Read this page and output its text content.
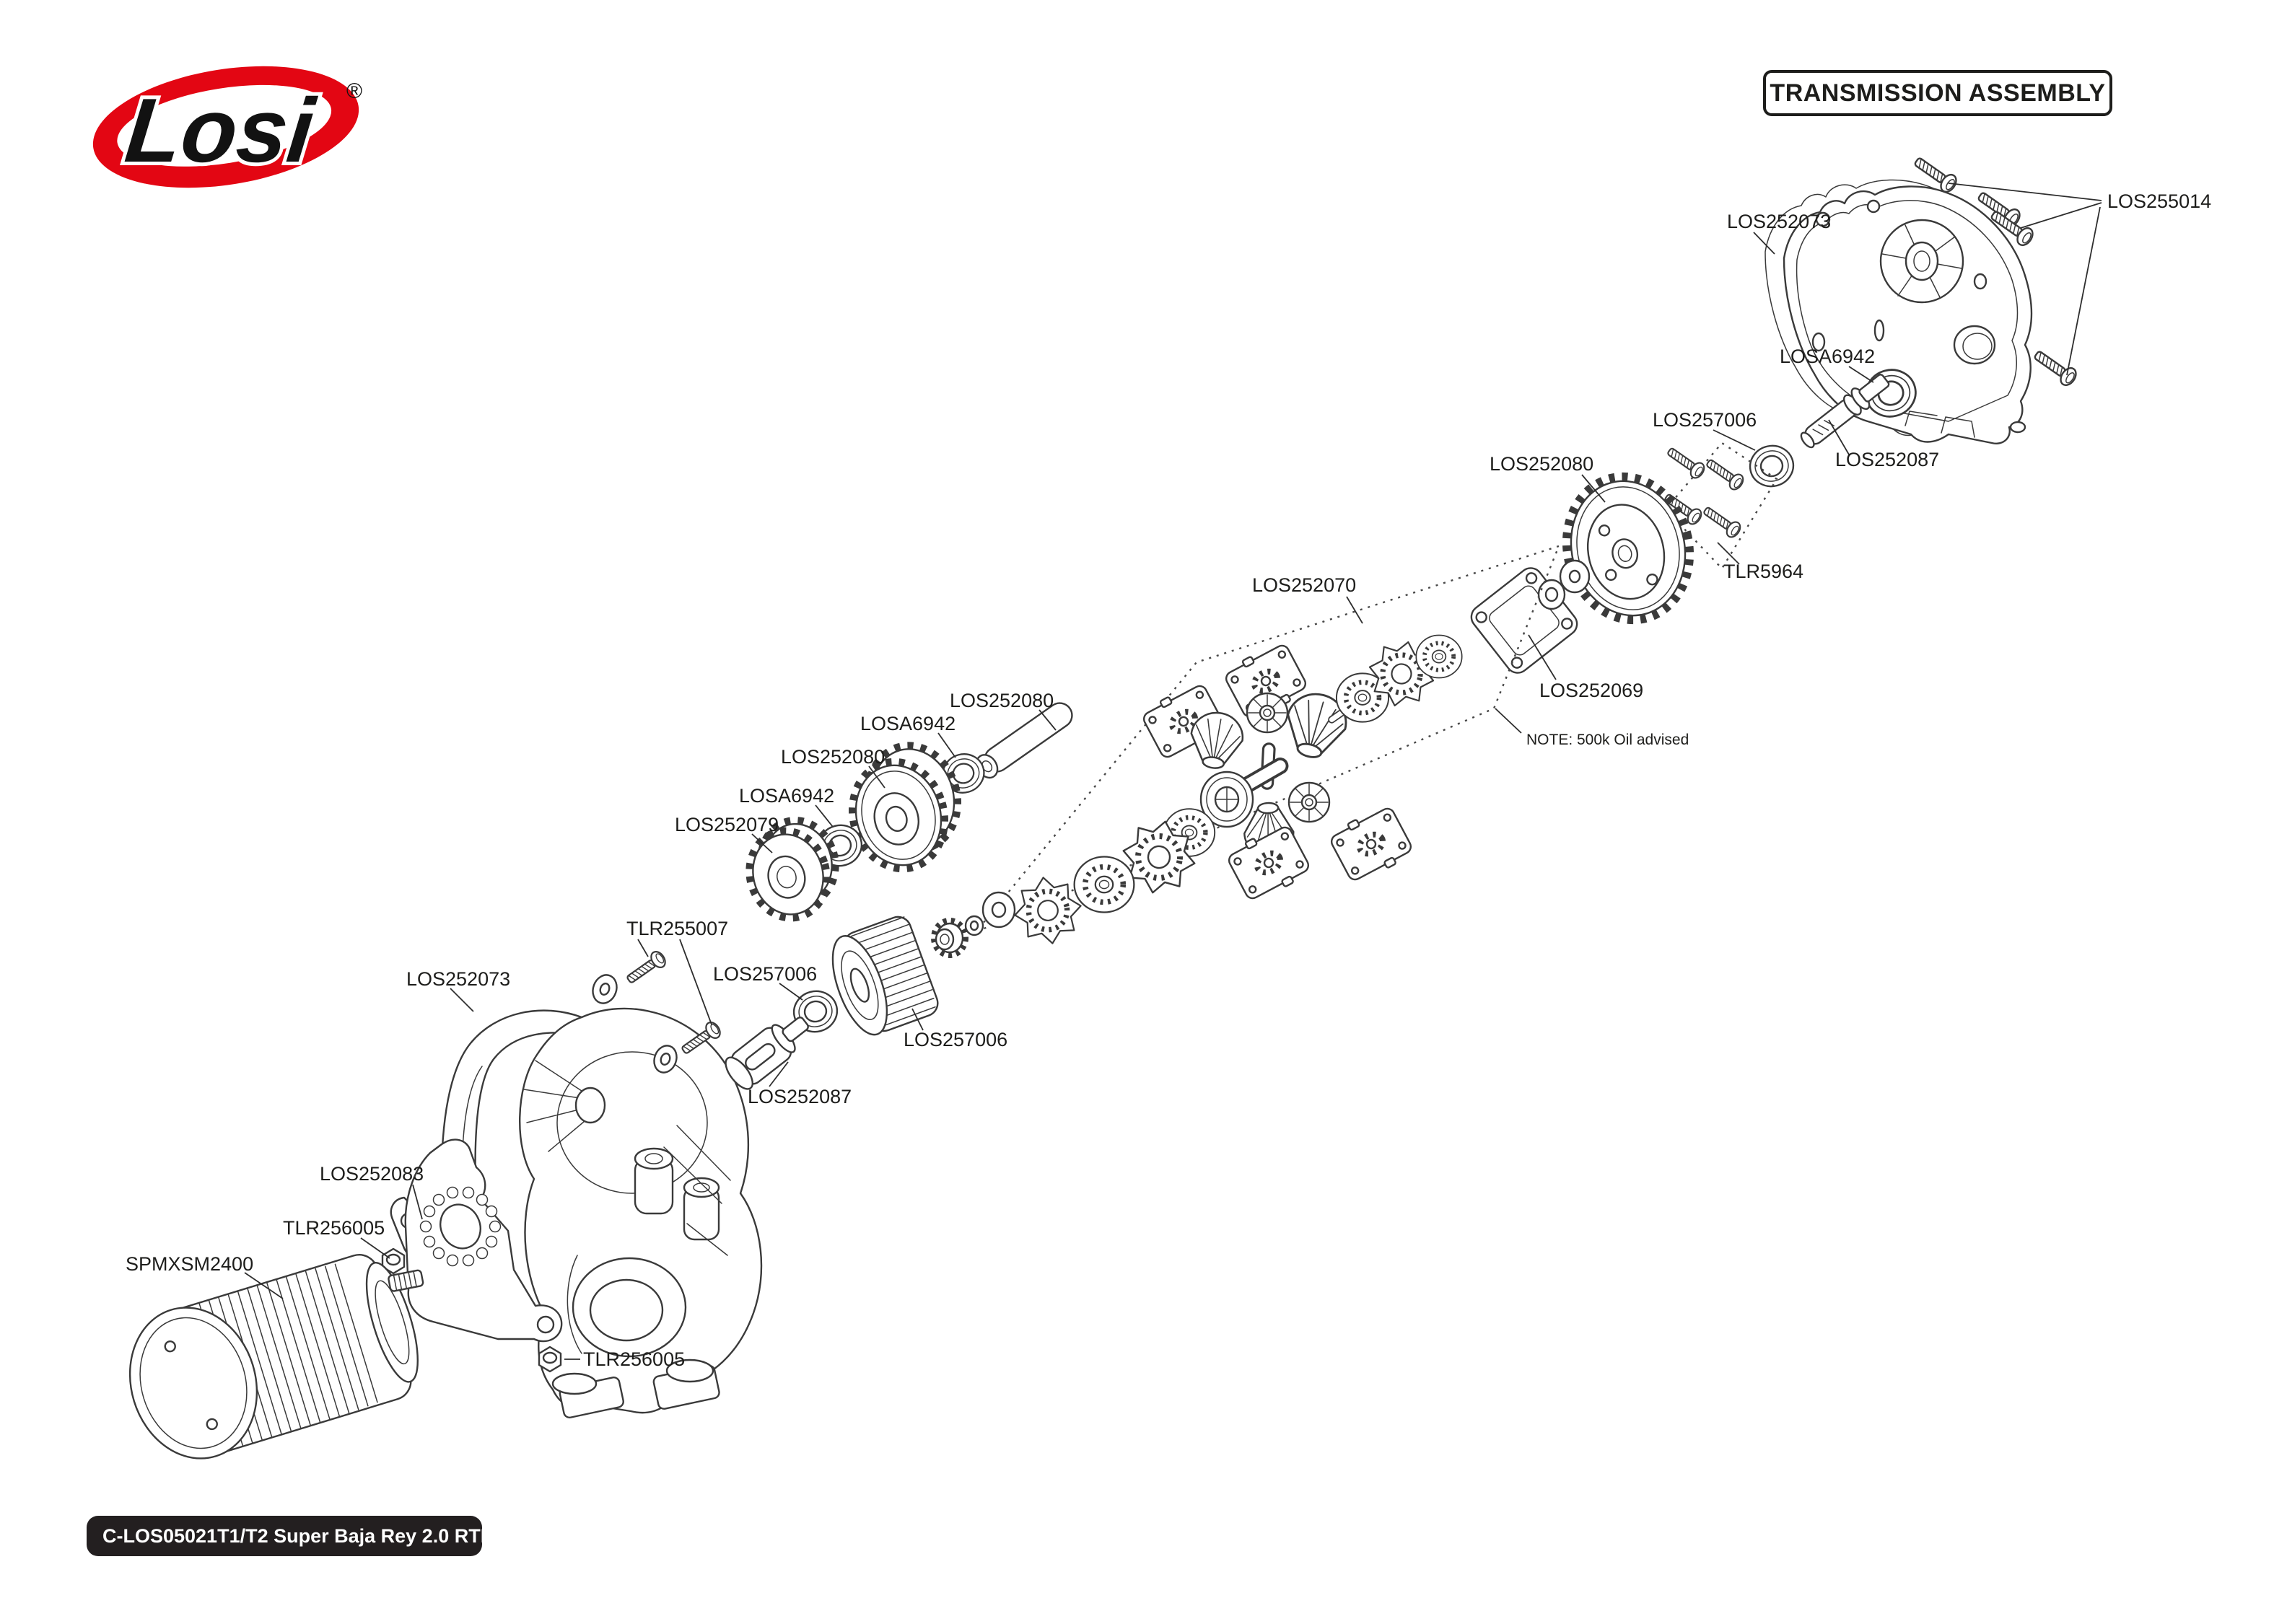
Losi ®	TRANSMISSION ASSEMBLY
C-LOS05021T1/T2 Super Baja Rey 2.0 RTR
LOS255014
LOS252073
LOSA6942
LOS257006
LOS252087
LOS252080
TLR5964
LOS252070
LOS252069
NOTE: 500k Oil advised
LOS252080
LOSA6942
LOS252080
LOSA6942
LOS252079
TLR255007
LOS252073	LOS257006
LOS252087
LOS257006
LOS252083
TLR256005
SPMXSM2400
TLR256005
